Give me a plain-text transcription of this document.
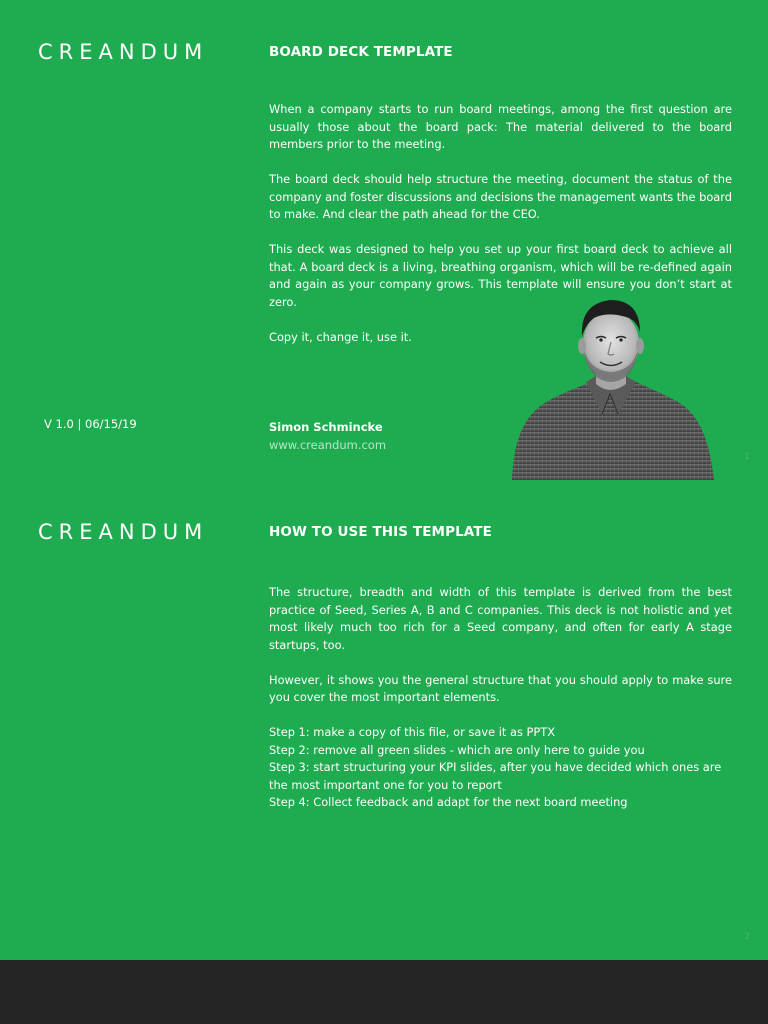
CREANDUM	BOARD DECK TEMPLATE

When a company starts to run board meetings, among the first question are usually those about the board pack: The material delivered to the board members prior to the meeting.

The board deck should help structure the meeting, document the status of the company and foster discussions and decisions the management wants the board to make. And clear the path ahead for the CEO.

This deck was designed to help you set up your first board deck to achieve all that. A board deck is a living, breathing organism, which will be re-defined again and again as your company grows. This template will ensure you don’t start at zero.

Copy it, change it, use it.

V 1.0 | 06/15/19	Simon Schmincke
www.creandum.com
1
CREANDUM	HOW TO USE THIS TEMPLATE

The structure, breadth and width of this template is derived from the best practice of Seed, Series A, B and C companies. This deck is not holistic and yet most likely much too rich for a Seed company, and often for early A stage startups, too.

However, it shows you the general structure that you should apply to make sure you cover the most important elements.

Step 1: make a copy of this file, or save it as PPTX

Step 2: remove all green slides - which are only here to guide you

Step 3: start structuring your KPI slides, after you have decided which ones are the most important one for you to report

Step 4: Collect feedback and adapt for the next board meeting

2
